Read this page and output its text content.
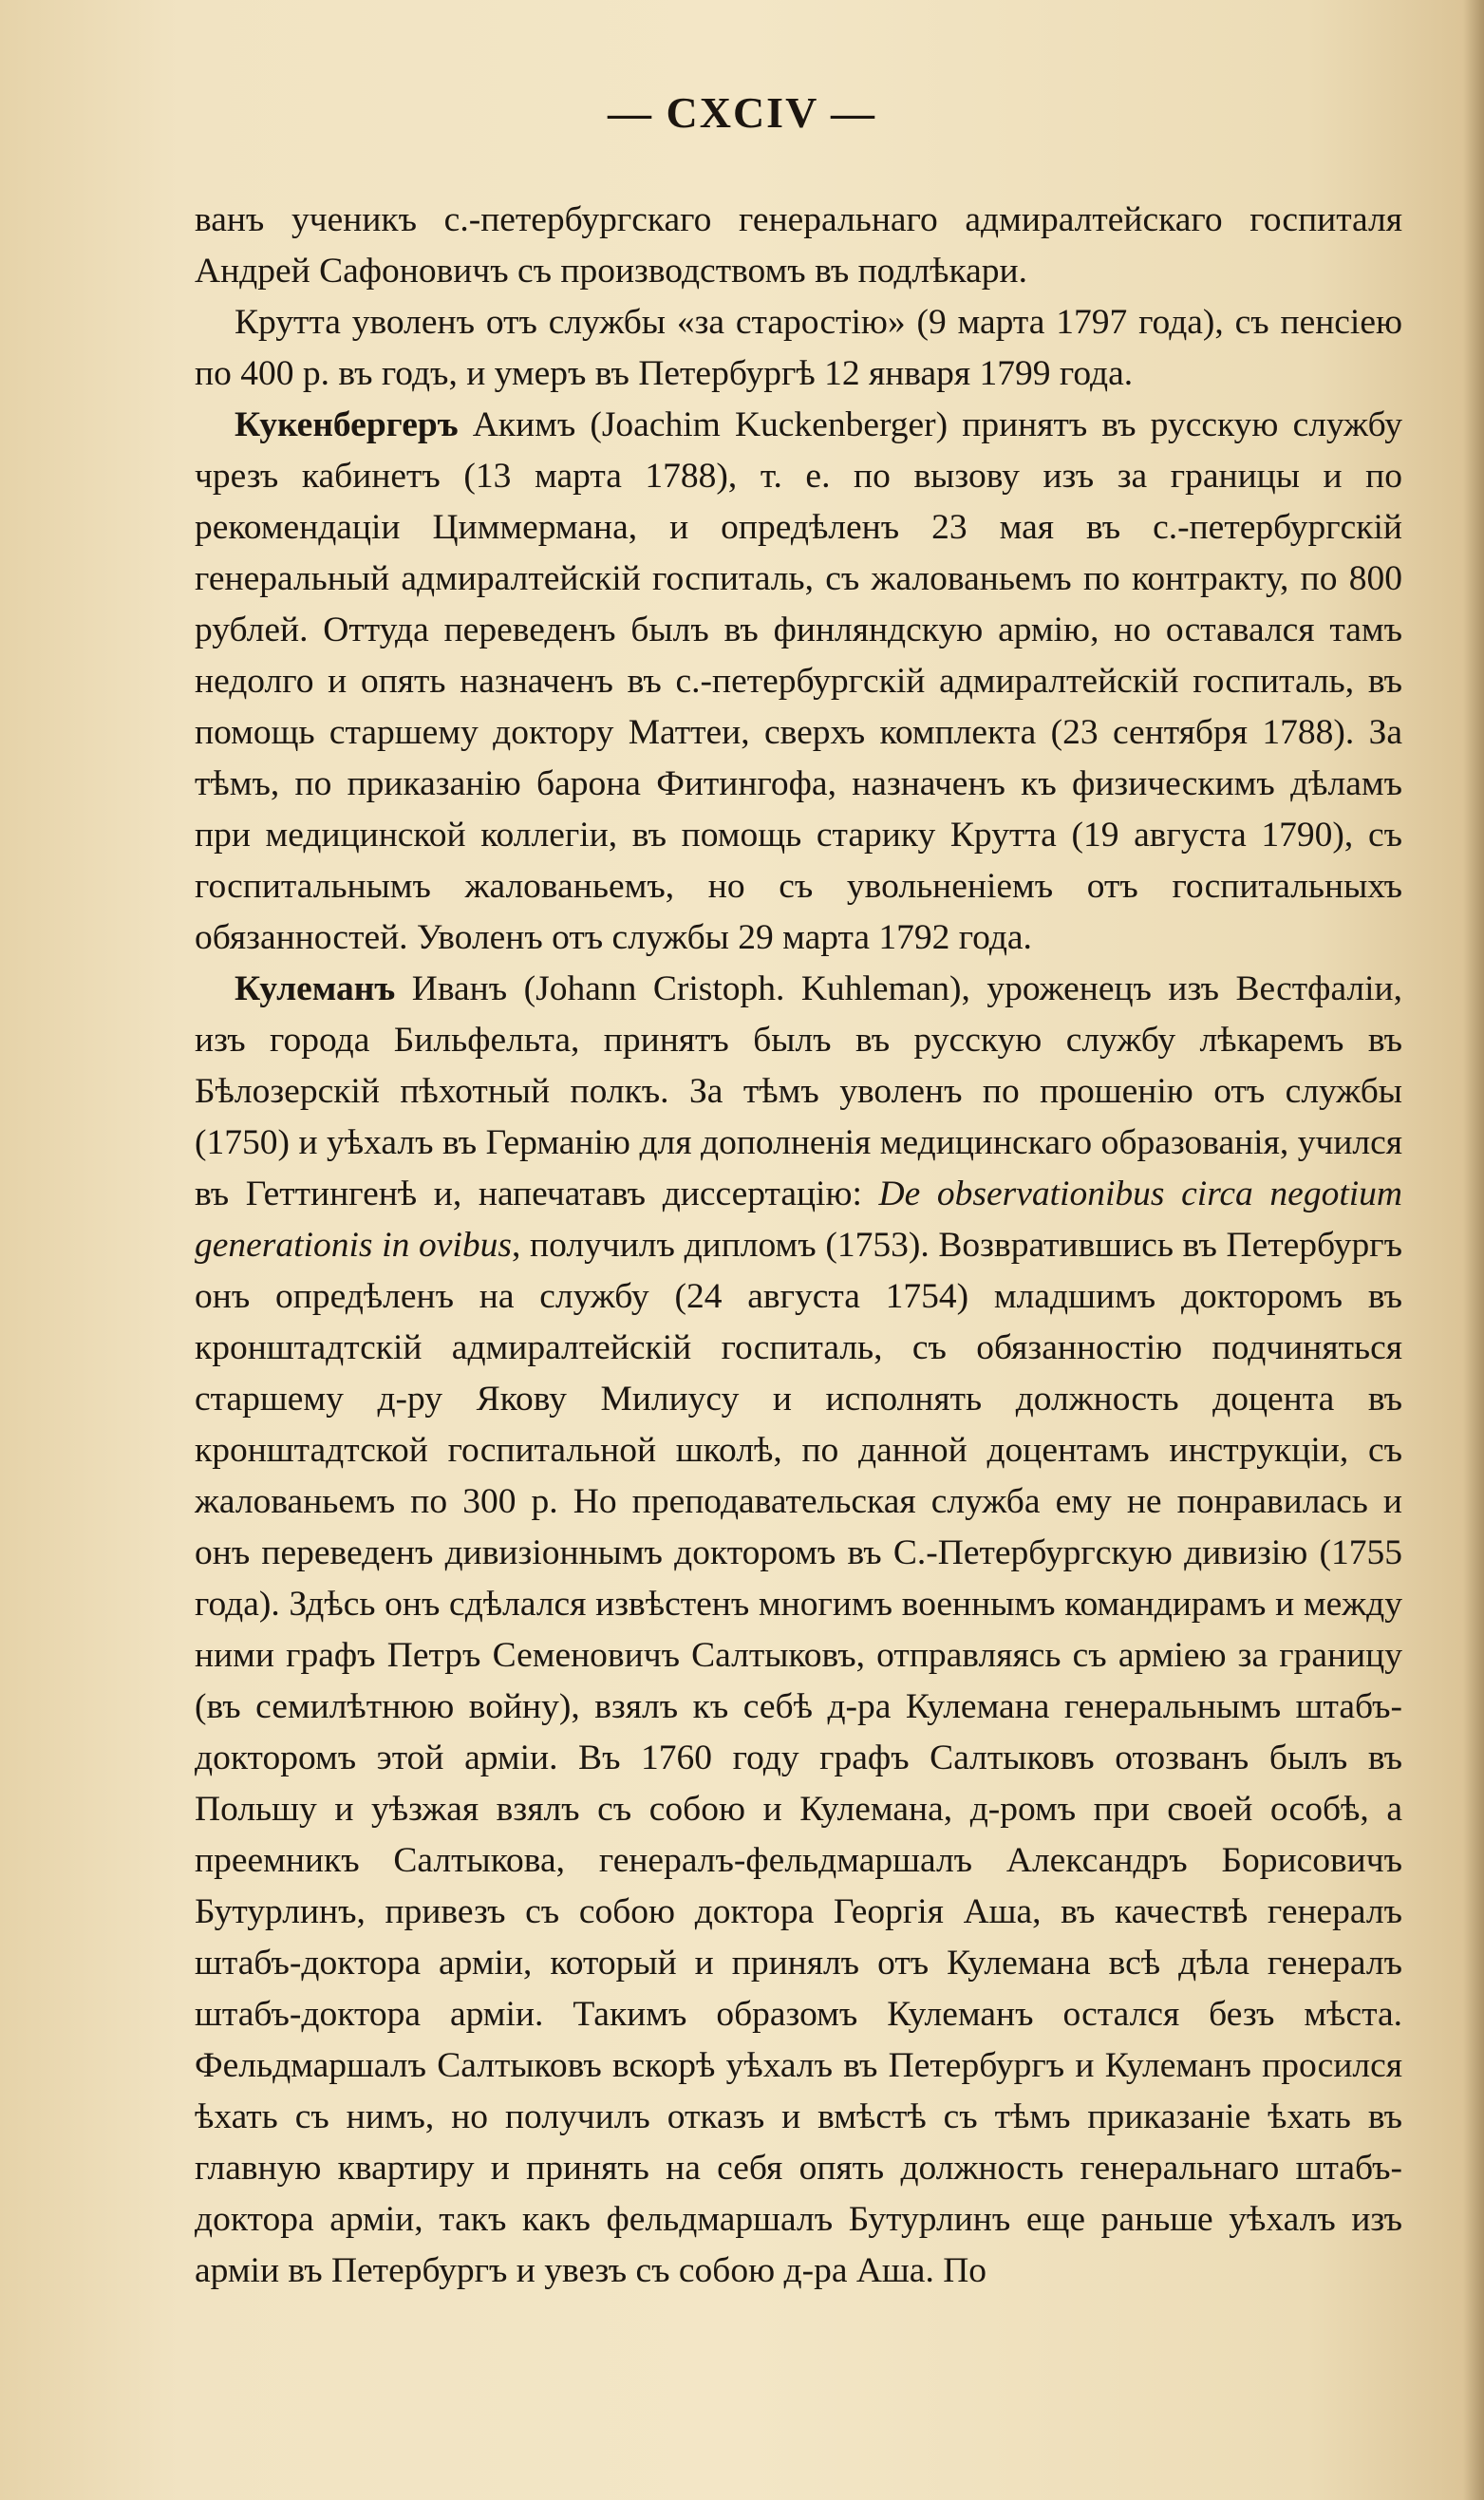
— CXCIV —

ванъ ученикъ с.-петербургскаго генеральнаго адмиралтейскаго госпиталя Андрей Сафоновичъ съ производствомъ въ подлѣкари.

Крутта уволенъ отъ службы «за старостію» (9 марта 1797 года), съ пенсіею по 400 р. въ годъ, и умеръ въ Петербургѣ 12 января 1799 года.

Кукенбергеръ Акимъ (Joachim Kuckenberger) принятъ въ русскую службу чрезъ кабинетъ (13 марта 1788), т. е. по вызову изъ за границы и по рекомендаціи Циммермана, и опредѣленъ 23 мая въ с.-петербургскій генеральный адмиралтейскій госпиталь, съ жалованьемъ по контракту, по 800 рублей. Оттуда переведенъ былъ въ финляндскую армію, но оставался тамъ недолго и опять назначенъ въ с.-петербургскій адмиралтейскій госпиталь, въ помощь старшему доктору Маттеи, сверхъ комплекта (23 сентября 1788). За тѣмъ, по приказанію барона Фитингофа, назначенъ къ физическимъ дѣламъ при медицинской коллегіи, въ помощь старику Крутта (19 августа 1790), съ госпитальнымъ жалованьемъ, но съ увольненіемъ отъ госпитальныхъ обязанностей. Уволенъ отъ службы 29 марта 1792 года.

Кулеманъ Иванъ (Johann Cristoph. Kuhleman), уроженецъ изъ Вестфаліи, изъ города Бильфельта, принятъ былъ въ русскую службу лѣкаремъ въ Бѣлозерскій пѣхотный полкъ. За тѣмъ уволенъ по прошенію отъ службы (1750) и уѣхалъ въ Германію для дополненія медицинскаго образованія, учился въ Геттингенѣ и, напечатавъ диссертацію: De observationibus circa negotium generationis in ovibus, получилъ дипломъ (1753). Возвратившись въ Петербургъ онъ опредѣленъ на службу (24 августа 1754) младшимъ докторомъ въ кронштадтскій адмиралтейскій госпиталь, съ обязанностію подчиняться старшему д-ру Якову Милиусу и исполнять должность доцента въ кронштадтской госпитальной школѣ, по данной доцентамъ инструкціи, съ жалованьемъ по 300 р. Но преподавательская служба ему не понравилась и онъ переведенъ дивизіоннымъ докторомъ въ С.-Петербургскую дивизію (1755 года). Здѣсь онъ сдѣлался извѣстенъ многимъ военнымъ командирамъ и между ними графъ Петръ Семеновичъ Салтыковъ, отправляясь съ арміею за границу (въ семилѣтнюю войну), взялъ къ себѣ д-ра Кулемана генеральнымъ штабъ-докторомъ этой арміи. Въ 1760 году графъ Салтыковъ отозванъ былъ въ Польшу и уѣзжая взялъ съ собою и Кулемана, д-ромъ при своей особѣ, а преемникъ Салтыкова, генералъ-фельдмаршалъ Александръ Борисовичъ Бутурлинъ, привезъ съ собою доктора Георгія Аша, въ качествѣ генералъ штабъ-доктора арміи, который и принялъ отъ Кулемана всѣ дѣла генералъ штабъ-доктора арміи. Такимъ образомъ Кулеманъ остался безъ мѣста. Фельдмаршалъ Салтыковъ вскорѣ уѣхалъ въ Петербургъ и Кулеманъ просился ѣхать съ нимъ, но получилъ отказъ и вмѣстѣ съ тѣмъ приказаніе ѣхать въ главную квартиру и принять на себя опять должность генеральнаго штабъ-доктора арміи, такъ какъ фельдмаршалъ Бутурлинъ еще раньше уѣхалъ изъ арміи въ Петербургъ и увезъ съ собою д-ра Аша. По
